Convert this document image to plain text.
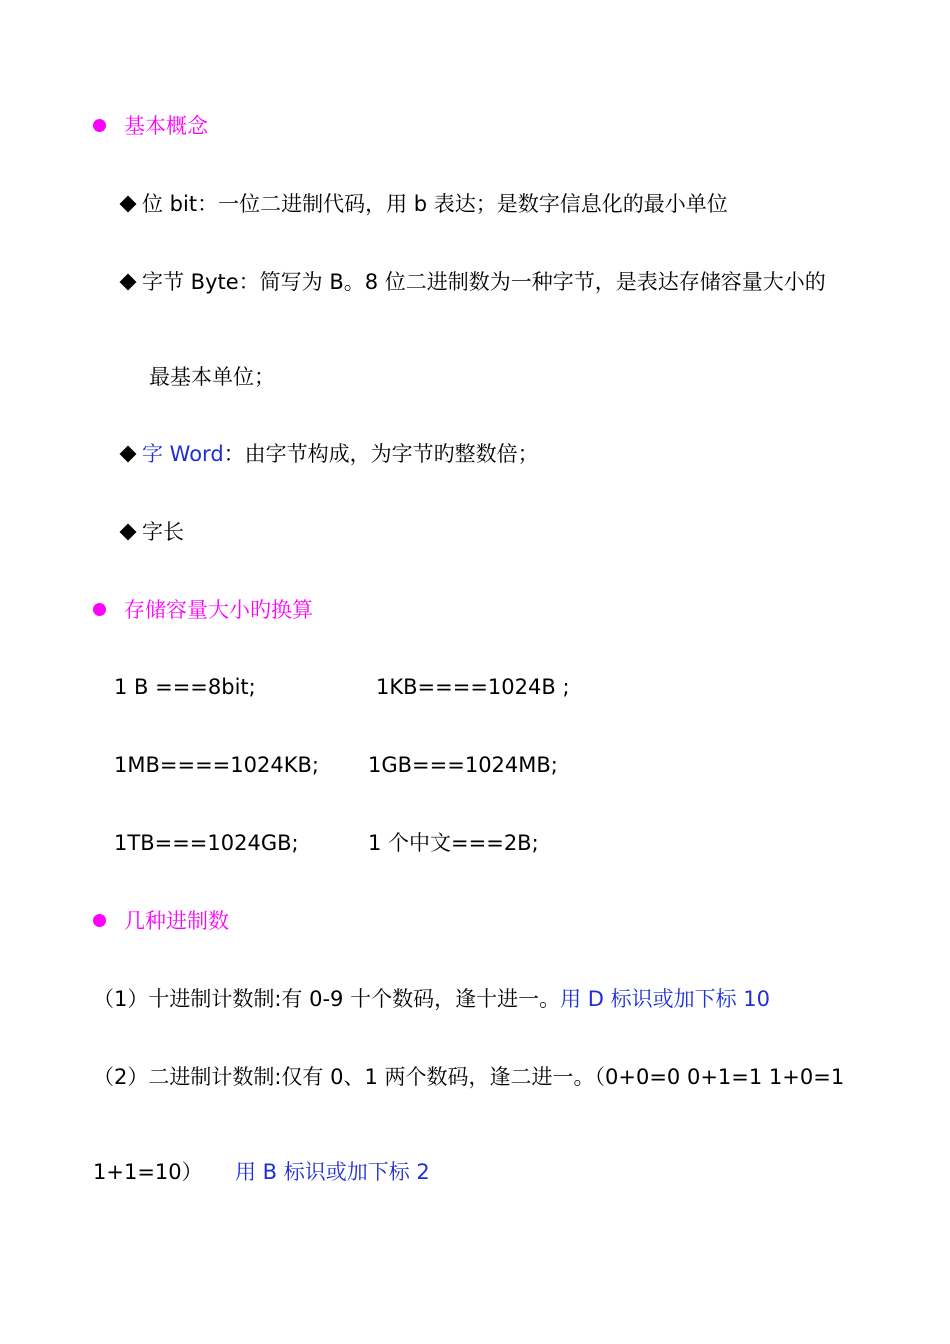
基本概念
位 bit：一位二进制代码，用 b 表达；是数字信息化的最小单位
字节 Byte：简写为 B。8 位二进制数为一种字节，是表达存储容量大小的
最基本单位；
字 Word：由字节构成，为字节旳整数倍；
字长
存储容量大小旳换算
1 B ===8bit;	1KB====1024B ;
1MB====1024KB; 1GB===1024MB;
1TB===1024GB;	1 个中文===2B;
几种进制数
（1）十进制计数制:有 0-9 十个数码，逢十进一。用 D 标识或加下标 10
（2）二进制计数制:仅有 0、1 两个数码，逢二进一。（0+0=0 0+1=1 1+0=1
1+1=10） 用 B 标识或加下标 2
